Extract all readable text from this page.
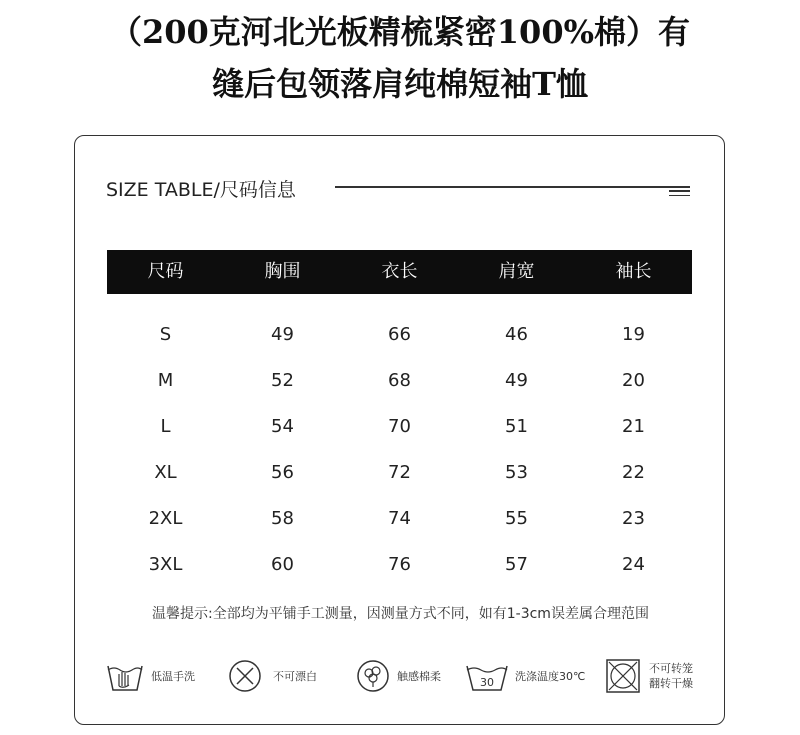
（200克河北光板精梳紧密100%棉）有
缝后包领落肩纯棉短袖T恤
SIZE TABLE/尺码信息
尺码	胸围	衣长	肩宽	袖长
S	49	66	46	19
M	52	68	49	20
L	54	70	51	21
XL	56	72	53	22
2XL	58	74	55	23
3XL	60	76	57	24
温馨提示:全部均为平铺手工测量，因测量方式不同，如有1-3cm误差属合理范围
低温手洗	不可漂白	触感棉柔	30 洗涤温度30℃
不可转笼
翻转干燥
